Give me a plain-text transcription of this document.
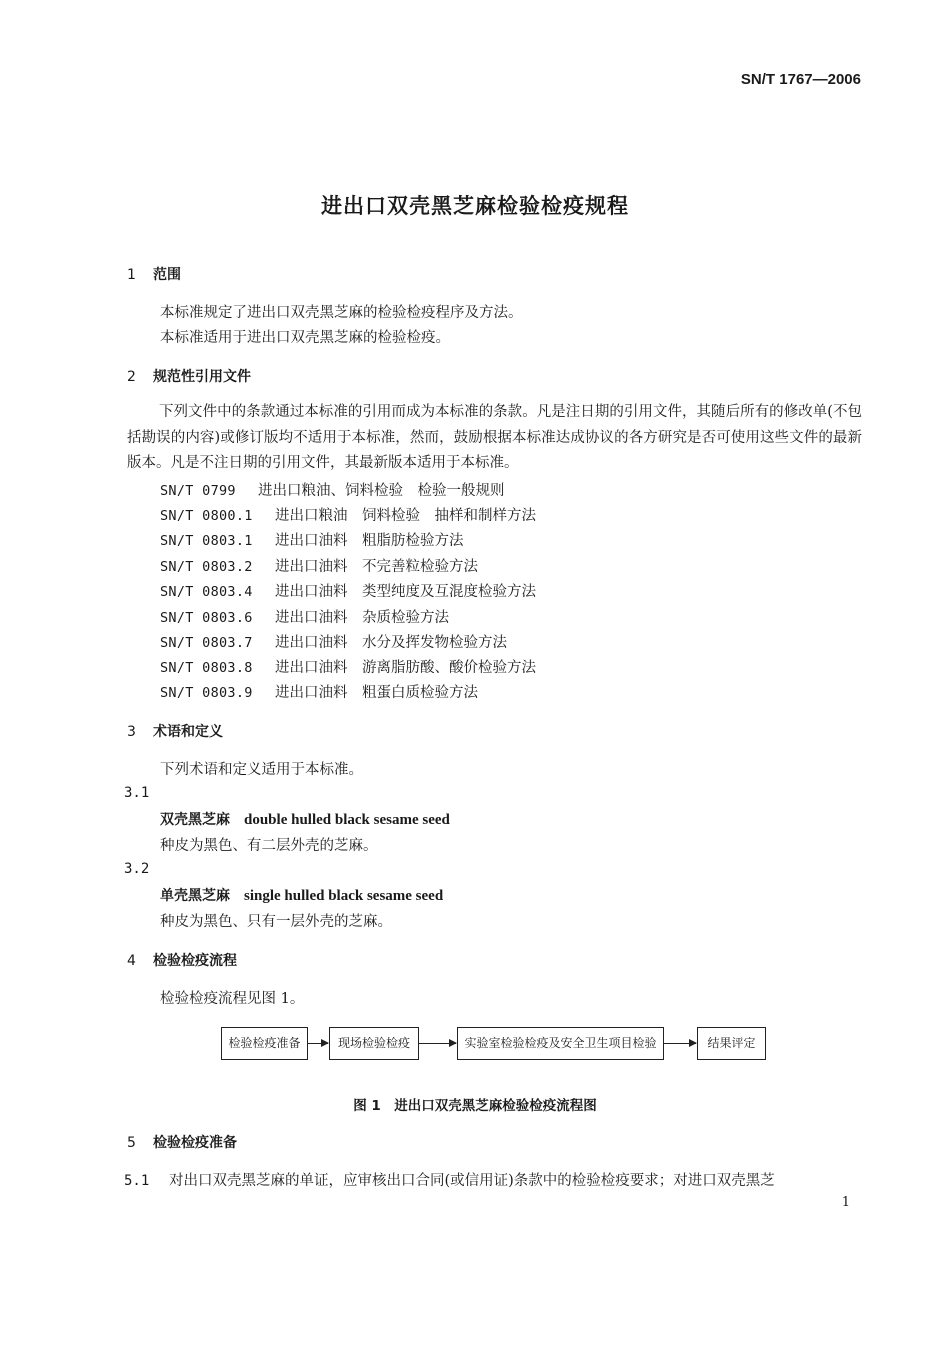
SN/T 1767—2006
进出口双壳黑芝麻检验检疫规程
1 范围
本标准规定了进出口双壳黑芝麻的检验检疫程序及方法。
本标准适用于进出口双壳黑芝麻的检验检疫。
2 规范性引用文件
下列文件中的条款通过本标准的引用而成为本标准的条款。凡是注日期的引用文件，其随后所有的修改单(不包括勘误的内容)或修订版均不适用于本标准，然而，鼓励根据本标准达成协议的各方研究是否可使用这些文件的最新版本。凡是不注日期的引用文件，其最新版本适用于本标准。
SN/T 0799 进出口粮油、饲料检验　检验一般规则
SN/T 0800.1 进出口粮油　饲料检验　抽样和制样方法
SN/T 0803.1 进出口油料　粗脂肪检验方法
SN/T 0803.2 进出口油料　不完善粒检验方法
SN/T 0803.4 进出口油料　类型纯度及互混度检验方法
SN/T 0803.6 进出口油料　杂质检验方法
SN/T 0803.7 进出口油料　水分及挥发物检验方法
SN/T 0803.8 进出口油料　游离脂肪酸、酸价检验方法
SN/T 0803.9 进出口油料　粗蛋白质检验方法
3 术语和定义
下列术语和定义适用于本标准。
3.1
双壳黑芝麻 double hulled black sesame seed
种皮为黑色、有二层外壳的芝麻。
3.2
单壳黑芝麻 single hulled black sesame seed
种皮为黑色、只有一层外壳的芝麻。
4 检验检疫流程
检验检疫流程见图 1。
检验检疫准备	现场检验检疫	实验室检验检疫及安全卫生项目检验	结果评定
图 1　进出口双壳黑芝麻检验检疫流程图
5 检验检疫准备
5.1 对出口双壳黑芝麻的单证，应审核出口合同(或信用证)条款中的检验检疫要求；对进口双壳黑芝
1
